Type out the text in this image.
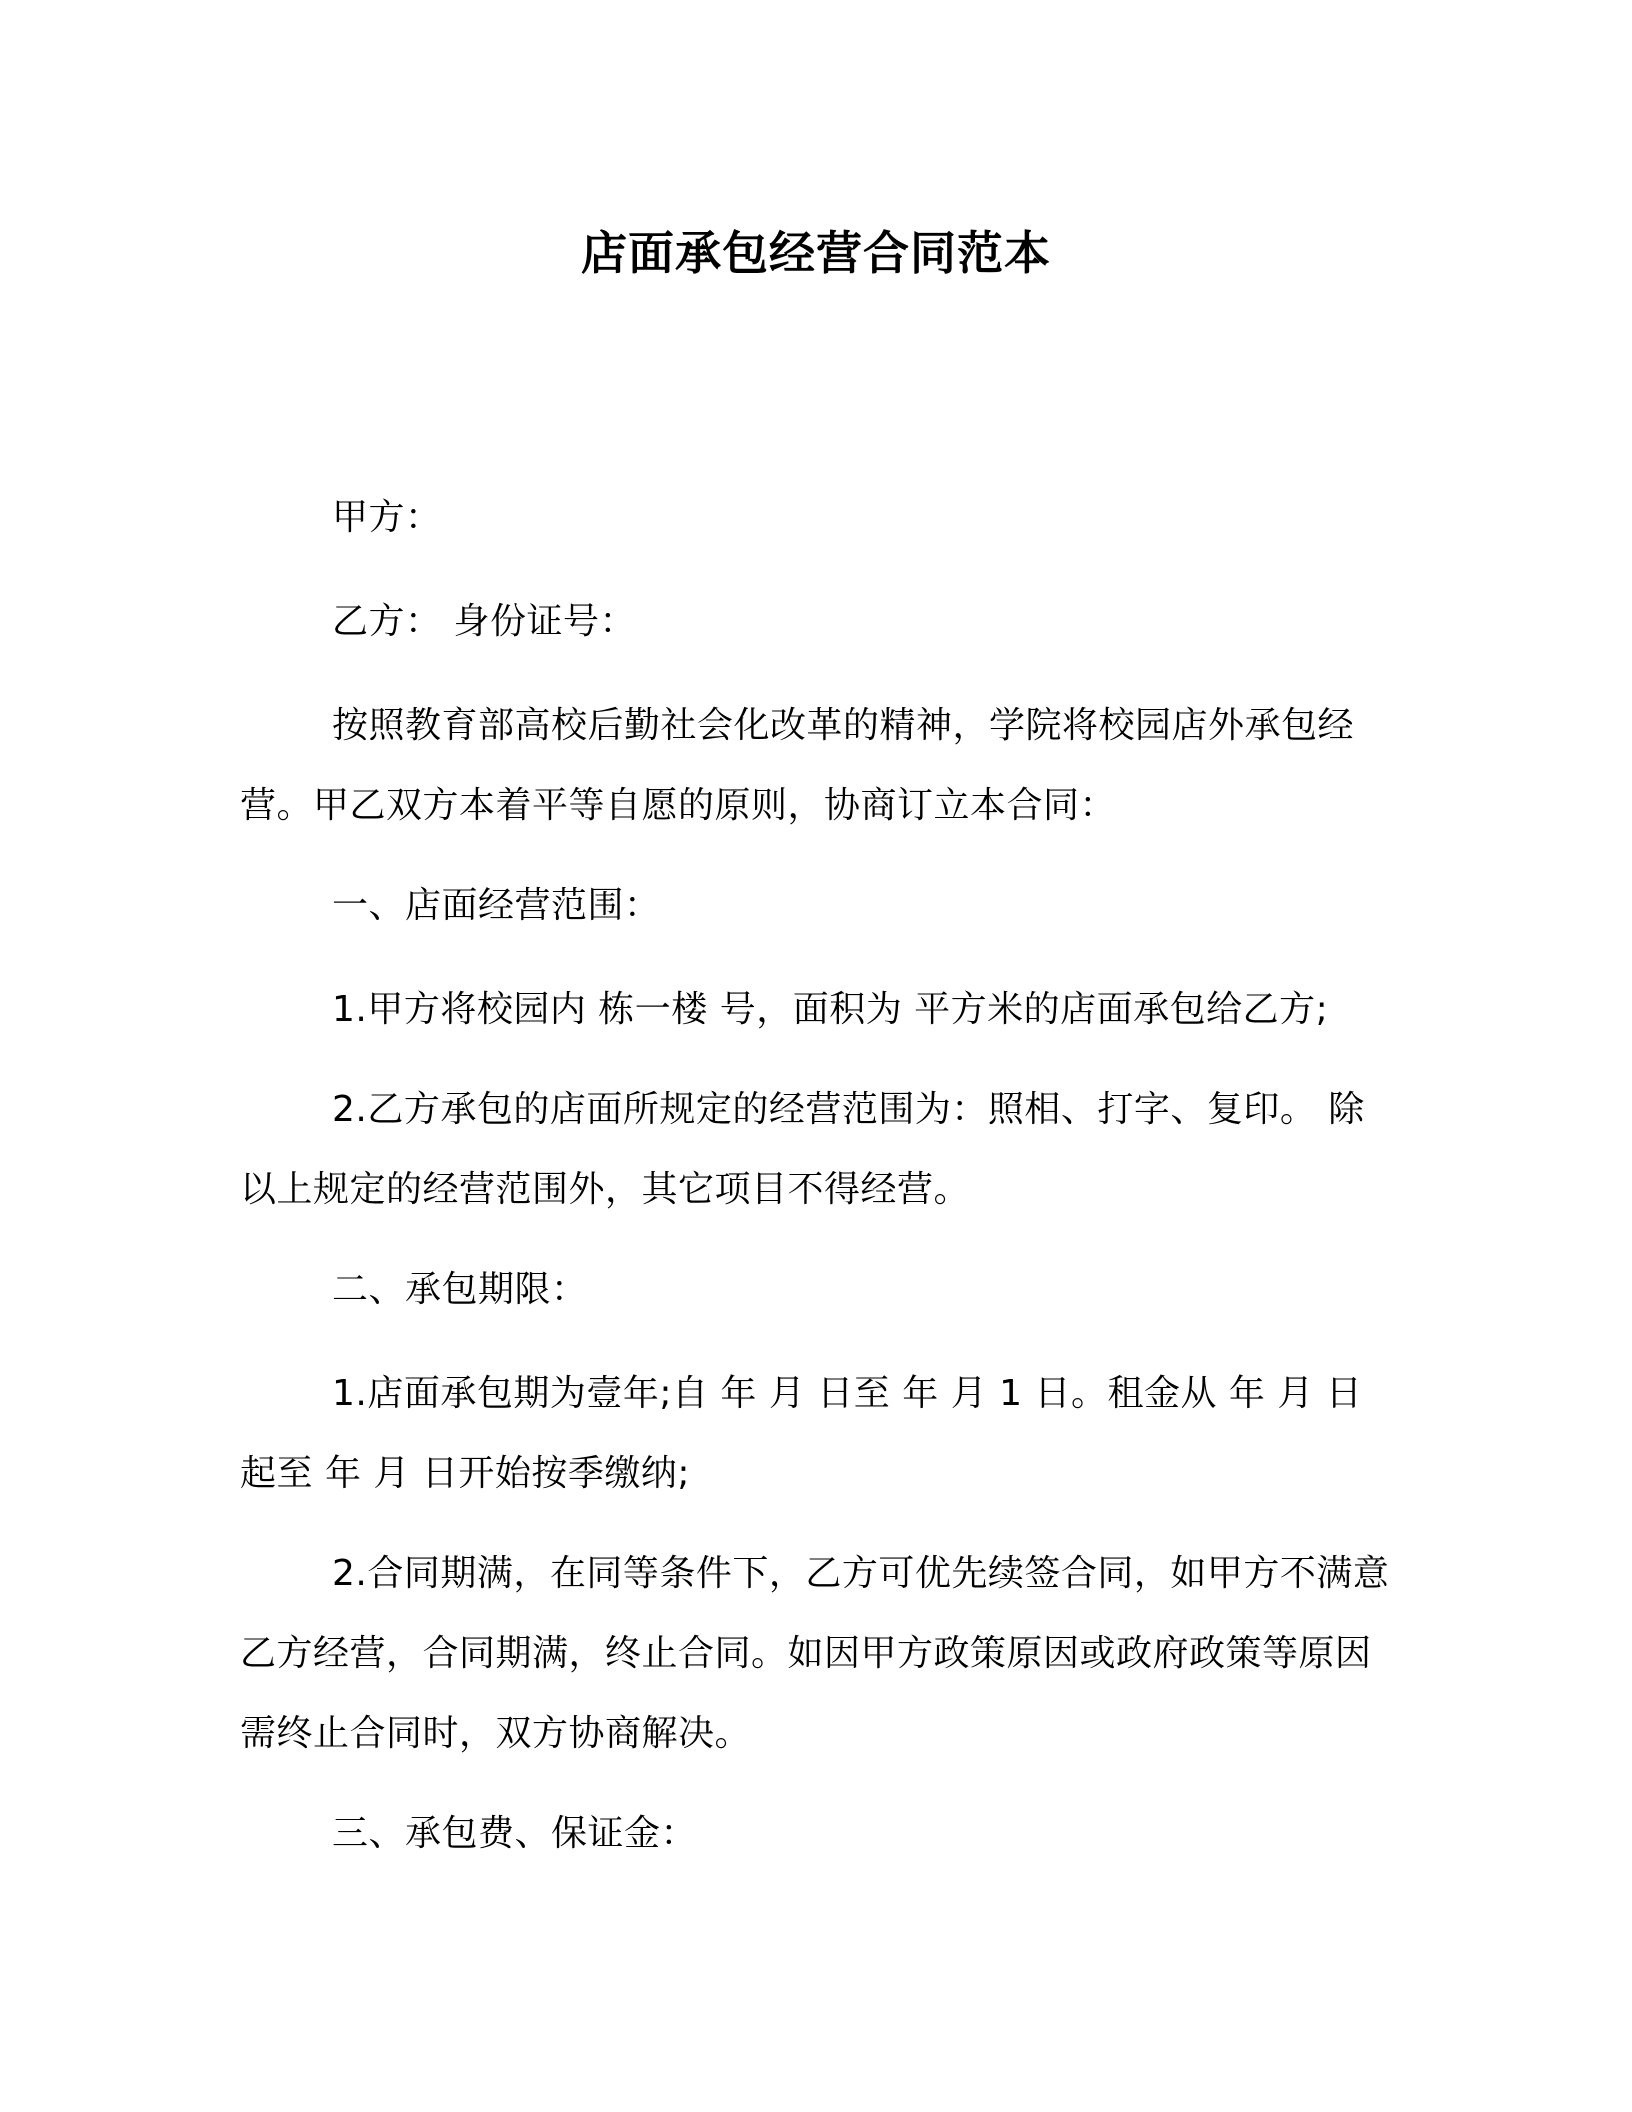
店面承包经营合同范本
甲方：
乙方： 身份证号：
按照教育部高校后勤社会化改革的精神，学院将校园店外承包经营。甲乙双方本着平等自愿的原则，协商订立本合同：
一、店面经营范围：
1.甲方将校园内 栋一楼 号，面积为 平方米的店面承包给乙方;
2.乙方承包的店面所规定的经营范围为：照相、打字、复印。 除以上规定的经营范围外，其它项目不得经营。
二、承包期限：
1.店面承包期为壹年;自 年 月 日至 年 月 1 日。租金从 年 月 日起至 年 月 日开始按季缴纳;
2.合同期满，在同等条件下，乙方可优先续签合同，如甲方不满意乙方经营，合同期满，终止合同。如因甲方政策原因或政府政策等原因需终止合同时，双方协商解决。
三、承包费、保证金：
